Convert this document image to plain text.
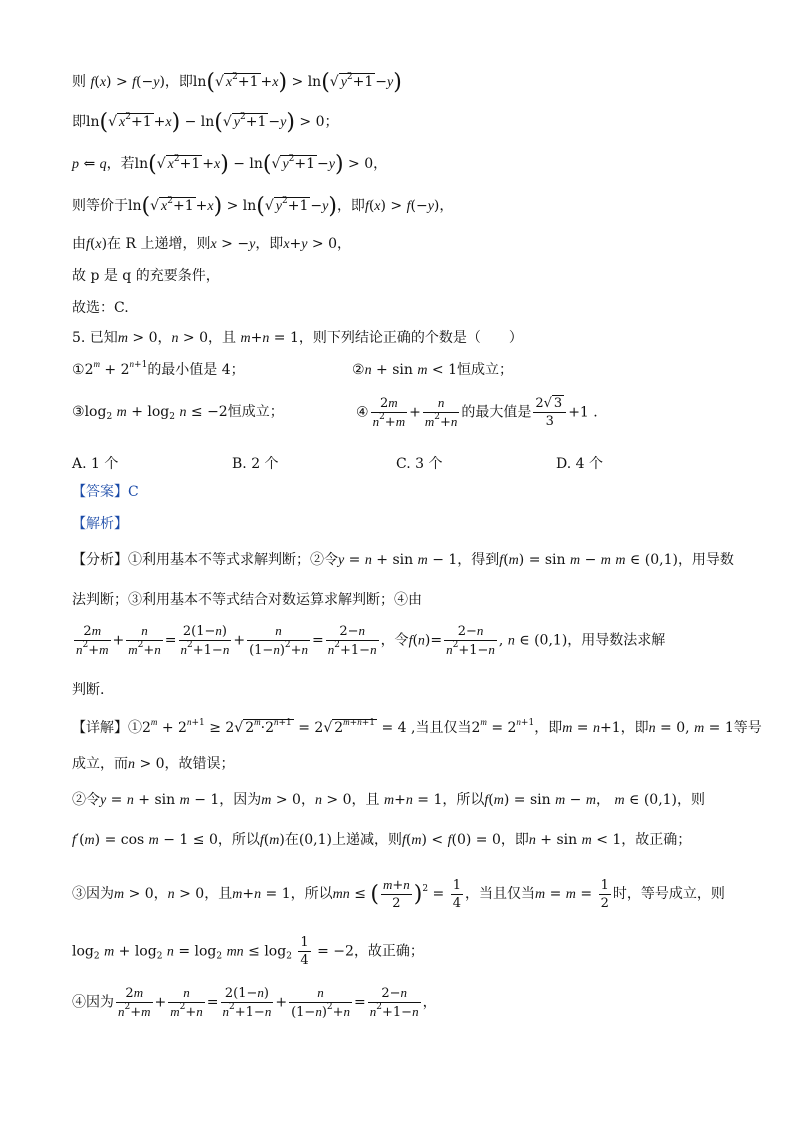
则 f(x) > f(−y)，即ln(√ $x^2+1 +x) > \ln(√$ $y^2+1 -y$)
即ln(√ $x^2+1 +x) - \ln(√$ $y^2+1 -y) > 0$；
p ⇐ q，若ln(√ $x^2+1 +x) - \ln(√$ $y^2+1 -y) > 0$，
则等价于ln(√ $x^2+1 +x) > \ln(√$ $y^2+1 -y$)，即f(x) > f(−y)，
由f(x)在 R 上递增，则x > −y，即x+y > 0，
故 p 是 q 的充要条件，
故选：C.
5. 已知m > 0，n > 0，且 m+n = 1，则下列结论正确的个数是（　　）
$①2^m + 2^{n+1}$的最小值是 4；	②n + sin m < 1恒成立；
$③\log_2$ $m + \log_2 n \le -2$恒成立；	④ $\frac{2m}{n^2+m} + \frac{n}{m^2+n}$ 的最大值是 $\frac{2√ 3}{3} +1$ .
A. 1 个	B. 2 个	C. 3 个	D. 4 个
【答案】C
【解析】
【分析】①利用基本不等式求解判断；②令y = n + sin m − 1，得到f(m) = sin m − m m ∈ (0,1)，用导数
法判断；③利用基本不等式结合对数运算求解判断；④由
$\frac{2m}{n^2+m} + \frac{n}{m^2+n} = \frac{2(1-n)}{n^2+1-n} + \frac{n}{(1-n)^2+n} = \frac{2-n}{n^2+1-n}$ ，令$f(n)= \frac{2-n}{n^2+1-n}$ , n ∈ (0,1)，用导数法求解
判断.
【详解】$①2^m + 2^{n+1} \ge 2√$ $2^m\cdot 2^{n+1} = 2√$ $2^{m+n+1} = 4$ ,当且仅当$2^m = 2^{n+1}$，即m = n+1，即n = 0, m = 1等号
成立，而n > 0，故错误；
②令y = n + sin m − 1，因为m > 0，n > 0，且 m+n = 1，所以f(m) = sin m − m， m ∈ (0,1)，则
f′(m) = cos m − 1 ≤ 0，所以f(m)在(0,1)上递减，则f(m) < f(0) = 0，即n + sin m < 1，故正确；
③因为m > 0，n > 0，且m+n = 1，所以mn ≤ ( $\frac{m+n}{2} )^2 = \frac{1}{4}$ ，当且仅当$m = m = \frac{1}{2}$ 时，等号成立，则
$\log_2 m + \log_2 n = \log_2$ mn ≤ $\log_2 \frac{1}{4} = -2$，故正确；
④因为 $\frac{2m}{n^2+m} + \frac{n}{m^2+n} = \frac{2(1-n)}{n^2+1-n} + \frac{n}{(1-n)^2+n} = \frac{2-n}{n^2+1-n}$ ，
